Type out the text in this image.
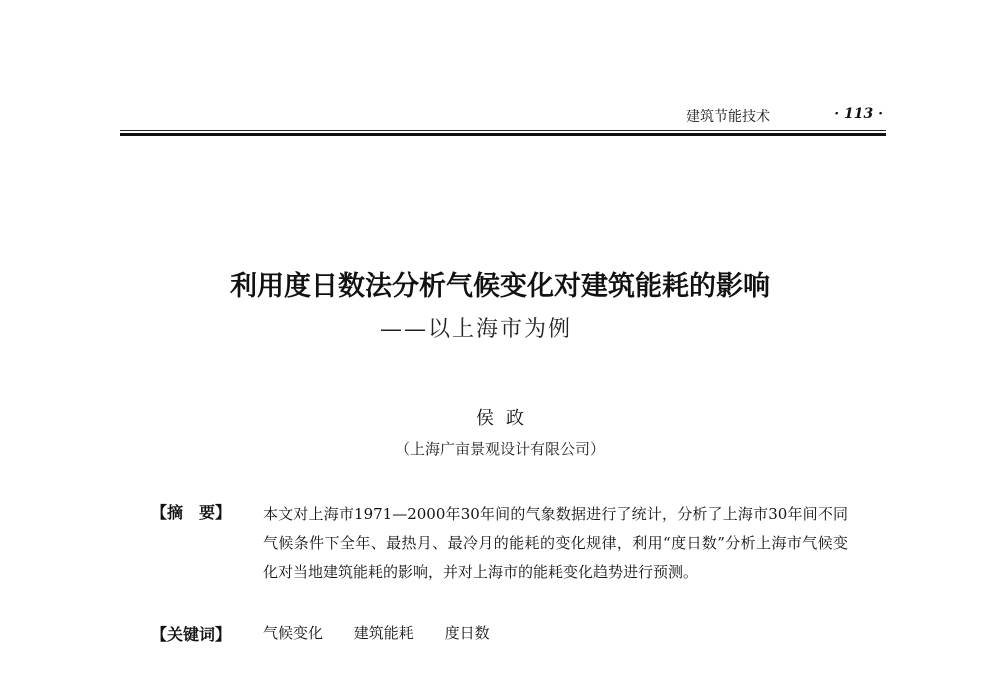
建筑节能技术	· 113 ·
利用度日数法分析气候变化对建筑能耗的影响
——以上海市为例
侯政
（上海广亩景观设计有限公司）
【摘　要】 本文对上海市1971—2000年30年间的气象数据进行了统计，分析了上海市30年间不同气候条件下全年、最热月、最冷月的能耗的变化规律，利用“度日数”分析上海市气候变化对当地建筑能耗的影响，并对上海市的能耗变化趋势进行预测。
【关键词】 气候变化 建筑能耗 度日数
